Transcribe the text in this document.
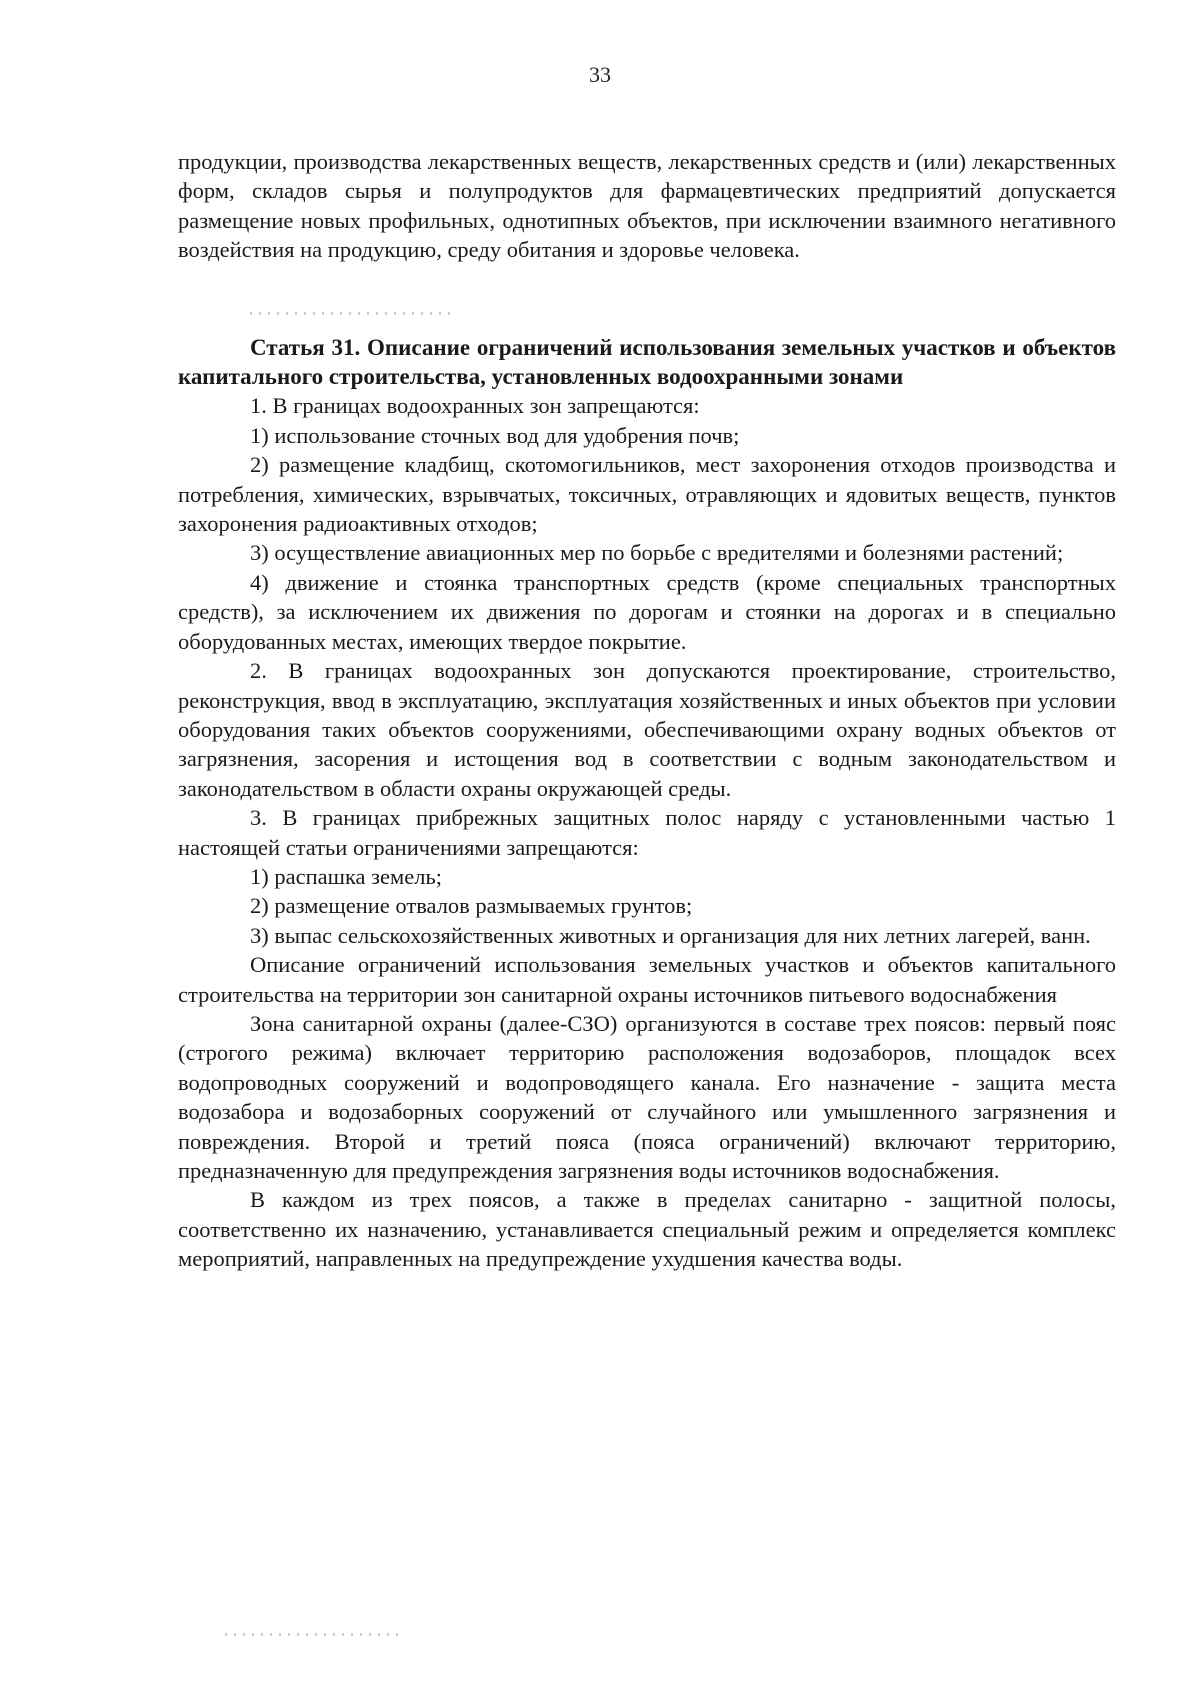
33

продукции, производства лекарственных веществ, лекарственных средств и (или) лекарственных форм, складов сырья и полупродуктов для фармацевтических предприятий допускается размещение новых профильных, однотипных объектов, при исключении взаимного негативного воздействия на продукцию, среду обитания и здоровье человека.

Статья 31. Описание ограничений использования земельных участков и объектов капитального строительства, установленных водоохранными зонами

1. В границах водоохранных зон запрещаются:

1) использование сточных вод для удобрения почв;

2) размещение кладбищ, скотомогильников, мест захоронения отходов производства и потребления, химических, взрывчатых, токсичных, отравляющих и ядовитых веществ, пунктов захоронения радиоактивных отходов;

3) осуществление авиационных мер по борьбе с вредителями и болезнями растений;

4) движение и стоянка транспортных средств (кроме специальных транспортных средств), за исключением их движения по дорогам и стоянки на дорогах и в специально оборудованных местах, имеющих твердое покрытие.

2. В границах водоохранных зон допускаются проектирование, строительство, реконструкция, ввод в эксплуатацию, эксплуатация хозяйственных и иных объектов при условии оборудования таких объектов сооружениями, обеспечивающими охрану водных объектов от загрязнения, засорения и истощения вод в соответствии с водным законодательством и законодательством в области охраны окружающей среды.

3. В границах прибрежных защитных полос наряду с установленными частью 1 настоящей статьи ограничениями запрещаются:

1) распашка земель;

2) размещение отвалов размываемых грунтов;

3) выпас сельскохозяйственных животных и организация для них летних лагерей, ванн.

Описание ограничений использования земельных участков и объектов капитального строительства на территории зон санитарной охраны источников питьевого водоснабжения

Зона санитарной охраны (далее-СЗО) организуются в составе трех поясов: первый пояс (строгого режима) включает территорию расположения водозаборов, площадок всех водопроводных сооружений и водопроводящего канала. Его назначение - защита места водозабора и водозаборных сооружений от случайного или умышленного загрязнения и повреждения. Второй и третий пояса (пояса ограничений) включают территорию, предназначенную для предупреждения загрязнения воды источников водоснабжения.

В каждом из трех поясов, а также в пределах санитарно - защитной полосы, соответственно их назначению, устанавливается специальный режим и определяется комплекс мероприятий, направленных на предупреждение ухудшения качества воды.
